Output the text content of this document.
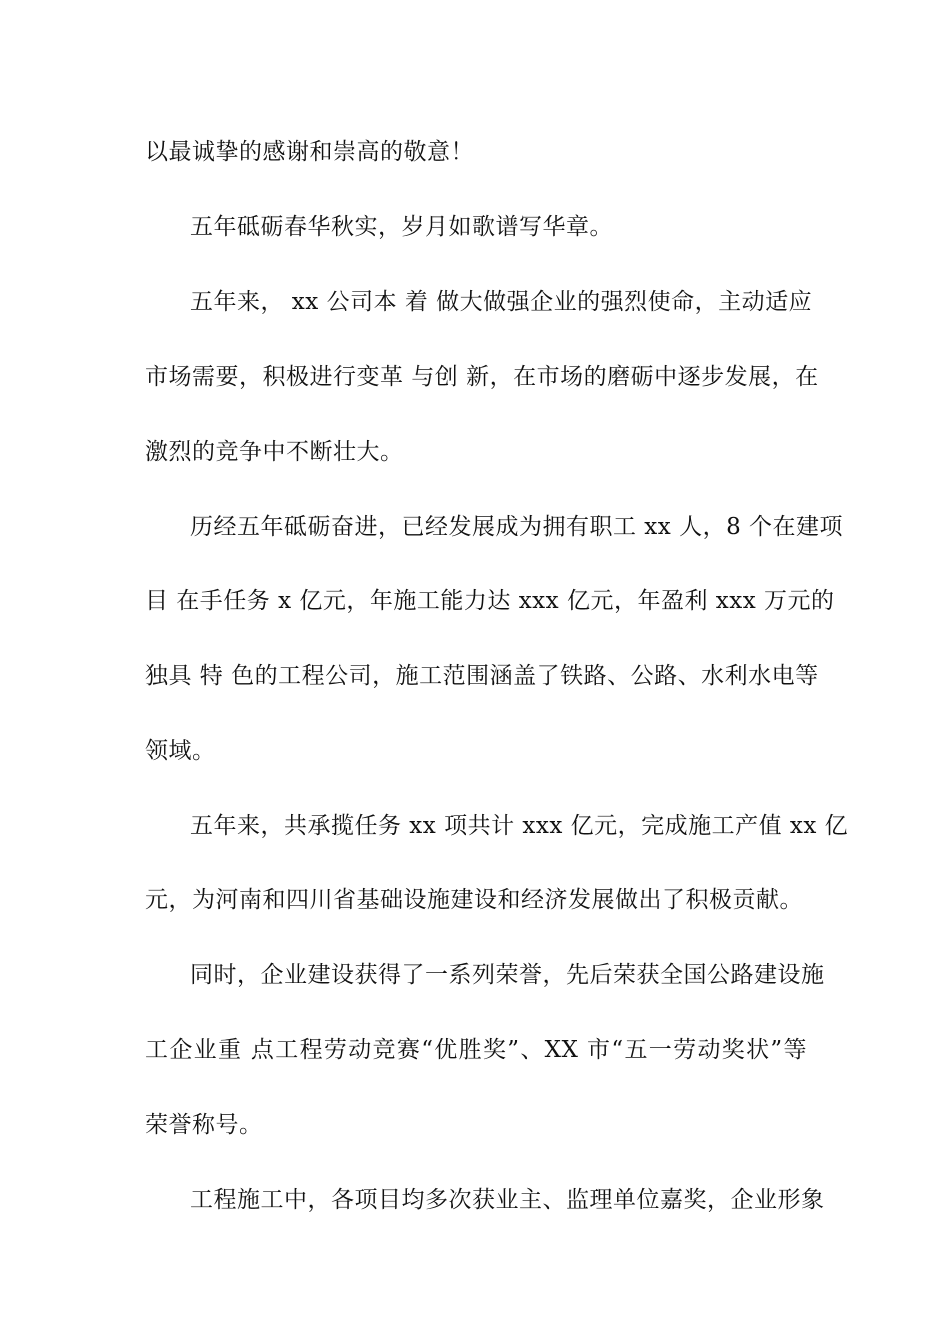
以最诚挚的感谢和崇高的敬意！
五年砥砺春华秋实，岁月如歌谱写华章。
五年来， xx 公司本 着 做大做强企业的强烈使命，主动适应
市场需要，积极进行变革 与创 新，在市场的磨砺中逐步发展，在
激烈的竞争中不断壮大。
历经五年砥砺奋进，已经发展成为拥有职工 xx 人，8 个在建项
目 在手任务 x 亿元，年施工能力达 xxx 亿元，年盈利 xxx 万元的
独具 特 色的工程公司，施工范围涵盖了铁路、公路、水利水电等
领域。
五年来，共承揽任务 xx 项共计 xxx 亿元，完成施工产值 xx 亿
元，为河南和四川省基础设施建设和经济发展做出了积极贡献。
同时，企业建设获得了一系列荣誉，先后荣获全国公路建设施
工企业重 点工程劳动竞赛“优胜奖”、XX 市“五一劳动奖状”等
荣誉称号。
工程施工中，各项目均多次获业主、监理单位嘉奖，企业形象
